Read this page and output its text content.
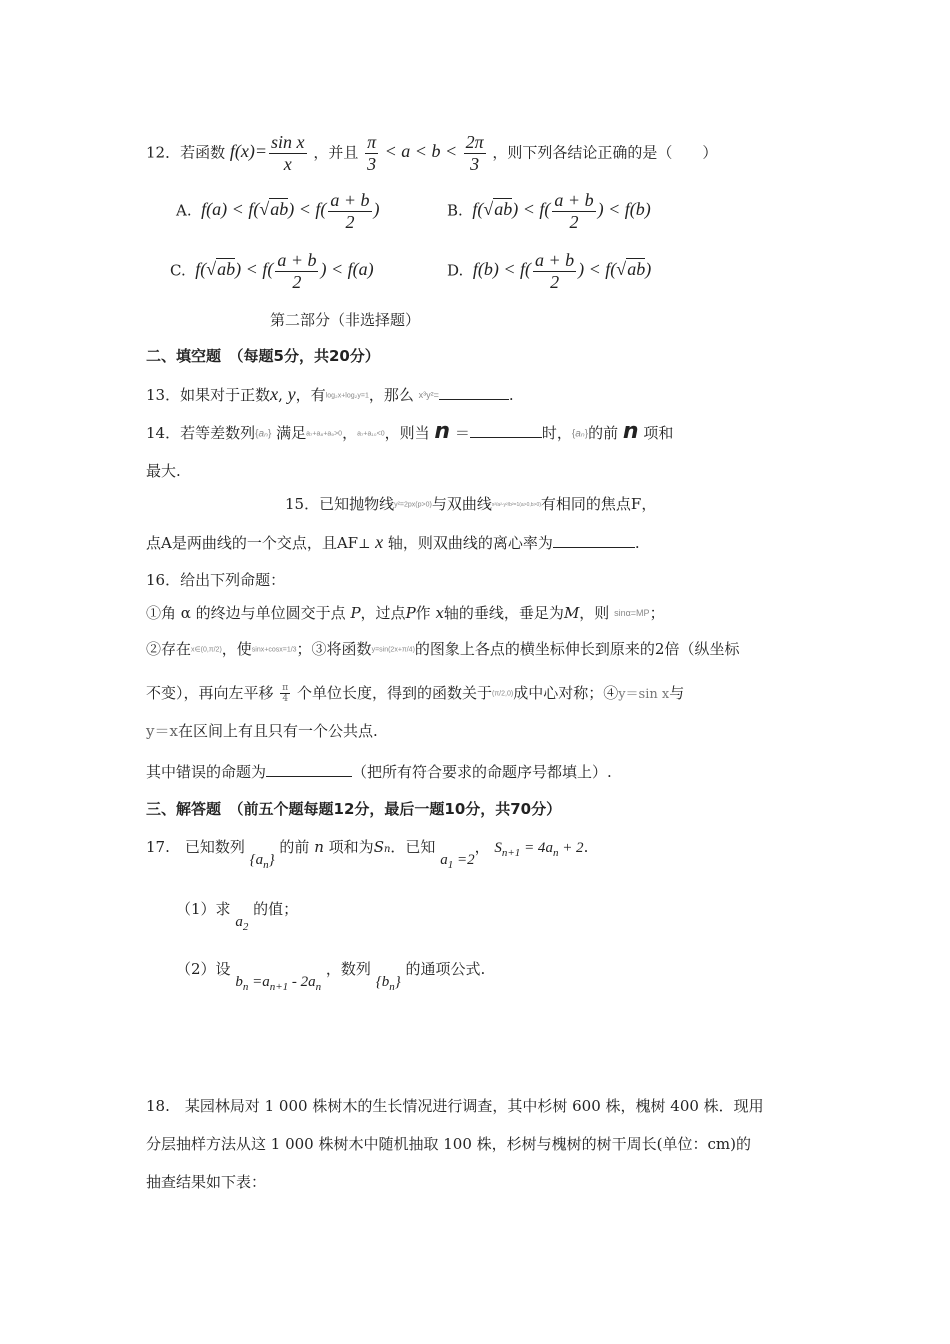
12．若函数 $f(x)= \frac{\text{sin x}}{x}$ ，并且 $\frac{\pi}{3} < a < b < \frac{2\pi}{3}$ ，则下列各结论正确的是（　　）
A. $f(a) < f(√ab) < f( \frac{a + b}{2}$ )	B. $f(√ab) < f( \frac{a + b}{2}$ ) < f(b)
C. $f(√ab) < f( \frac{a + b}{2}$ ) < f(a)	D. $f(b) < f( \frac{a + b}{2}$ ) < f(√ab)
第二部分（非选择题）
二、填空题　（每题5分，共20分）
13．如果对于正数x, y，有log₂x+log₂y=1，那么 x³y²=	.
14．若等差数列{aₙ} 满足a₇+a₈+a₉>0，a₇+a₁₀<0，则当 n ＝	时，{aₙ}的前 n 项和
最大.
15．已知抛物线y²=2px(p>0)与双曲线x²/a²-y²/b²=1(a>0,b>0)有相同的焦点F，
点A是两曲线的一个交点，且AF⊥ x 轴，则双曲线的离心率为	.
16．给出下列命题：
①角 α 的终边与单位圆交于点 P，过点P作 x轴的垂线，垂足为M，则 sinα=MP；
②存在x∈(0,π/2)，使sinx+cosx=1/3；③将函数y=sin(2x+π/4)的图象上各点的横坐标伸长到原来的2倍（纵坐标
不变），再向左平移 $\frac{\pi}{4}$ 个单位长度，得到的函数关于(π/2,0)成中心对称；④y＝sin x与
y＝x在区间上有且只有一个公共点.
其中错误的命题为	（把所有符合要求的命题序号都填上）.
三、解答题　（前五个题每题12分，最后一题10分，共70分）
17.　已知数列 $\{a_n\}$ 的前 n 项和为Sn．已知 $a_1 =2$， $S_{n+1} = 4a_n + 2$.
（1）求 $a_2$ 的值；
（2）设 $b_n =a_{n+1} - 2a_n$ ，数列 $\{b_n\}$ 的通项公式.
18.　某园林局对 1 000 株树木的生长情况进行调查，其中杉树 600 株，槐树 400 株．现用
分层抽样方法从这 1 000 株树木中随机抽取 100 株，杉树与槐树的树干周长(单位：cm)的
抽查结果如下表：
